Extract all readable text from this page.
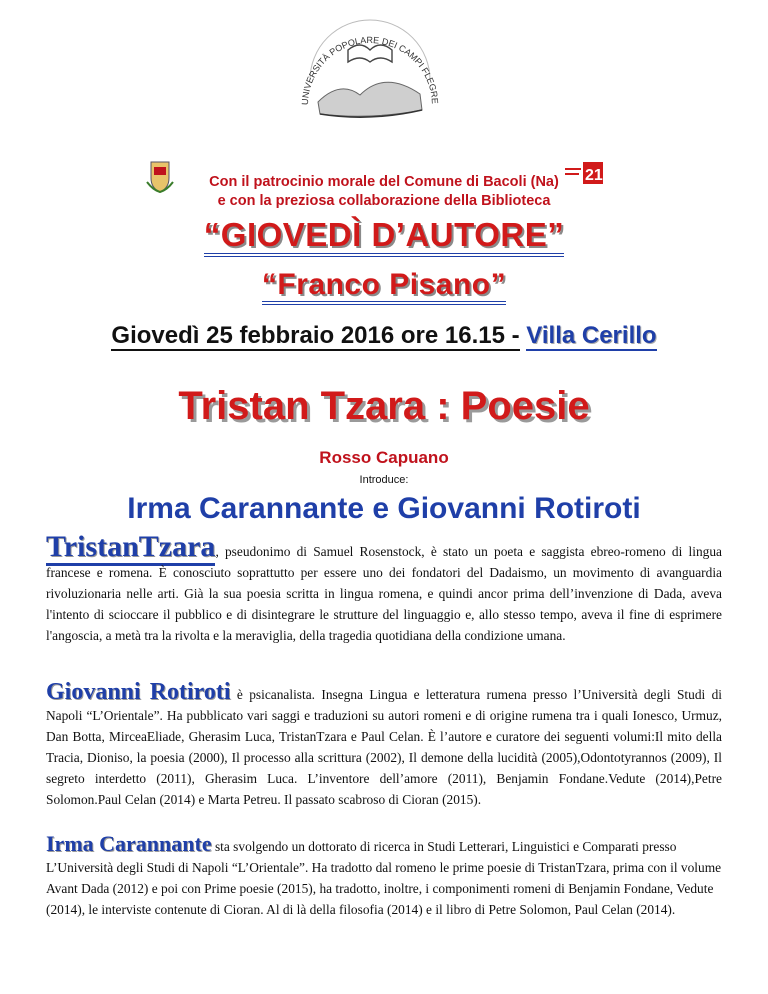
UNIVERSITÀ POPOLARE DEI CAMPI FLEGRE
21
Con il patrocinio morale del Comune di Bacoli (Na)
e con la preziosa collaborazione della Biblioteca
“GIOVEDÌ D’AUTORE”
“Franco Pisano”
Giovedì 25 febbraio 2016 ore 16.15 - Villa Cerillo
Tristan Tzara : Poesie
Rosso Capuano
Introduce:
Irma Carannante e Giovanni Rotiroti
TristanTzara, pseudonimo di Samuel Rosenstock, è stato un poeta e saggista ebreo-romeno di lingua francese e romena. È conosciuto soprattutto per essere uno dei fondatori del Dadaismo, un movimento di avanguardia rivoluzionaria nelle arti. Già la sua poesia scritta in lingua romena, e quindi ancor prima dell’invenzione di Dada, aveva l'intento di scioccare il pubblico e di disintegrare le strutture del linguaggio e, allo stesso tempo, aveva il fine di esprimere l'angoscia, a metà tra la rivolta e la meraviglia, della tragedia quotidiana della condizione umana.
Giovanni Rotiroti è psicanalista. Insegna Lingua e letteratura rumena presso l’Università degli Studi di Napoli “L’Orientale”. Ha pubblicato vari saggi e traduzioni su autori romeni e di origine rumena tra i quali Ionesco, Urmuz, Dan Botta, MirceaEliade, Gherasim Luca, TristanTzara e Paul Celan. È l’autore e curatore dei seguenti volumi:Il mito della Tracia, Dioniso, la poesia (2000), Il processo alla scrittura (2002), Il demone della lucidità (2005),Odontotyrannos (2009), Il segreto interdetto (2011), Gherasim Luca. L’inventore dell’amore (2011), Benjamin Fondane.Vedute (2014),Petre Solomon.Paul Celan (2014) e Marta Petreu. Il passato scabroso di Cioran (2015).
Irma Carannante sta svolgendo un dottorato di ricerca in Studi Letterari, Linguistici e Comparati presso L’Università degli Studi di Napoli “L’Orientale”. Ha tradotto dal romeno le prime poesie di TristanTzara, prima con il volume Avant Dada (2012) e poi con Prime poesie (2015), ha tradotto, inoltre, i componimenti romeni di Benjamin Fondane, Vedute (2014), le interviste contenute di Cioran. Al di là della filosofia (2014) e il libro di Petre Solomon, Paul Celan (2014).
